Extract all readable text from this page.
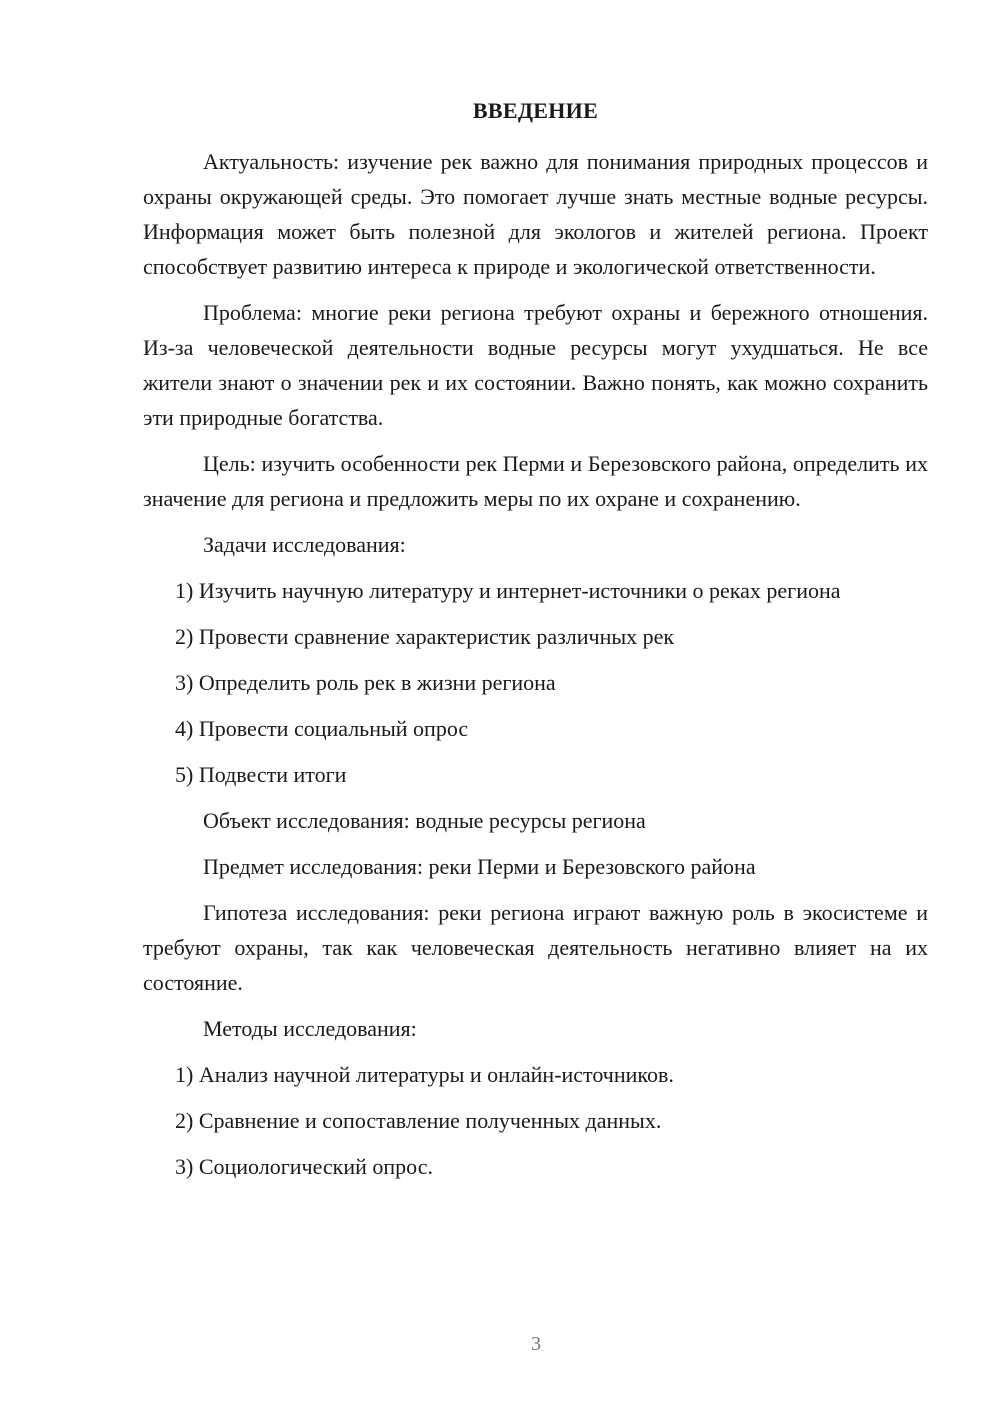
ВВЕДЕНИЕ

Актуальность: изучение рек важно для понимания природных процессов и охраны окружающей среды. Это помогает лучше знать местные водные ресурсы. Информация может быть полезной для экологов и жителей региона. Проект способствует развитию интереса к природе и экологической ответственности.

Проблема: многие реки региона требуют охраны и бережного отношения. Из-за человеческой деятельности водные ресурсы могут ухудшаться. Не все жители знают о значении рек и их состоянии. Важно понять, как можно сохранить эти природные богатства.

Цель: изучить особенности рек Перми и Березовского района, определить их значение для региона и предложить меры по их охране и сохранению.

Задачи исследования:
1) Изучить научную литературу и интернет-источники о реках региона
2) Провести сравнение характеристик различных рек
3) Определить роль рек в жизни региона
4) Провести социальный опрос
5) Подвести итоги
Объект исследования: водные ресурсы региона
Предмет исследования: реки Перми и Березовского района

Гипотеза исследования: реки региона играют важную роль в экосистеме и требуют охраны, так как человеческая деятельность негативно влияет на их состояние.

Методы исследования:
1) Анализ научной литературы и онлайн-источников.
2) Сравнение и сопоставление полученных данных.
3) Социологический опрос.
3
